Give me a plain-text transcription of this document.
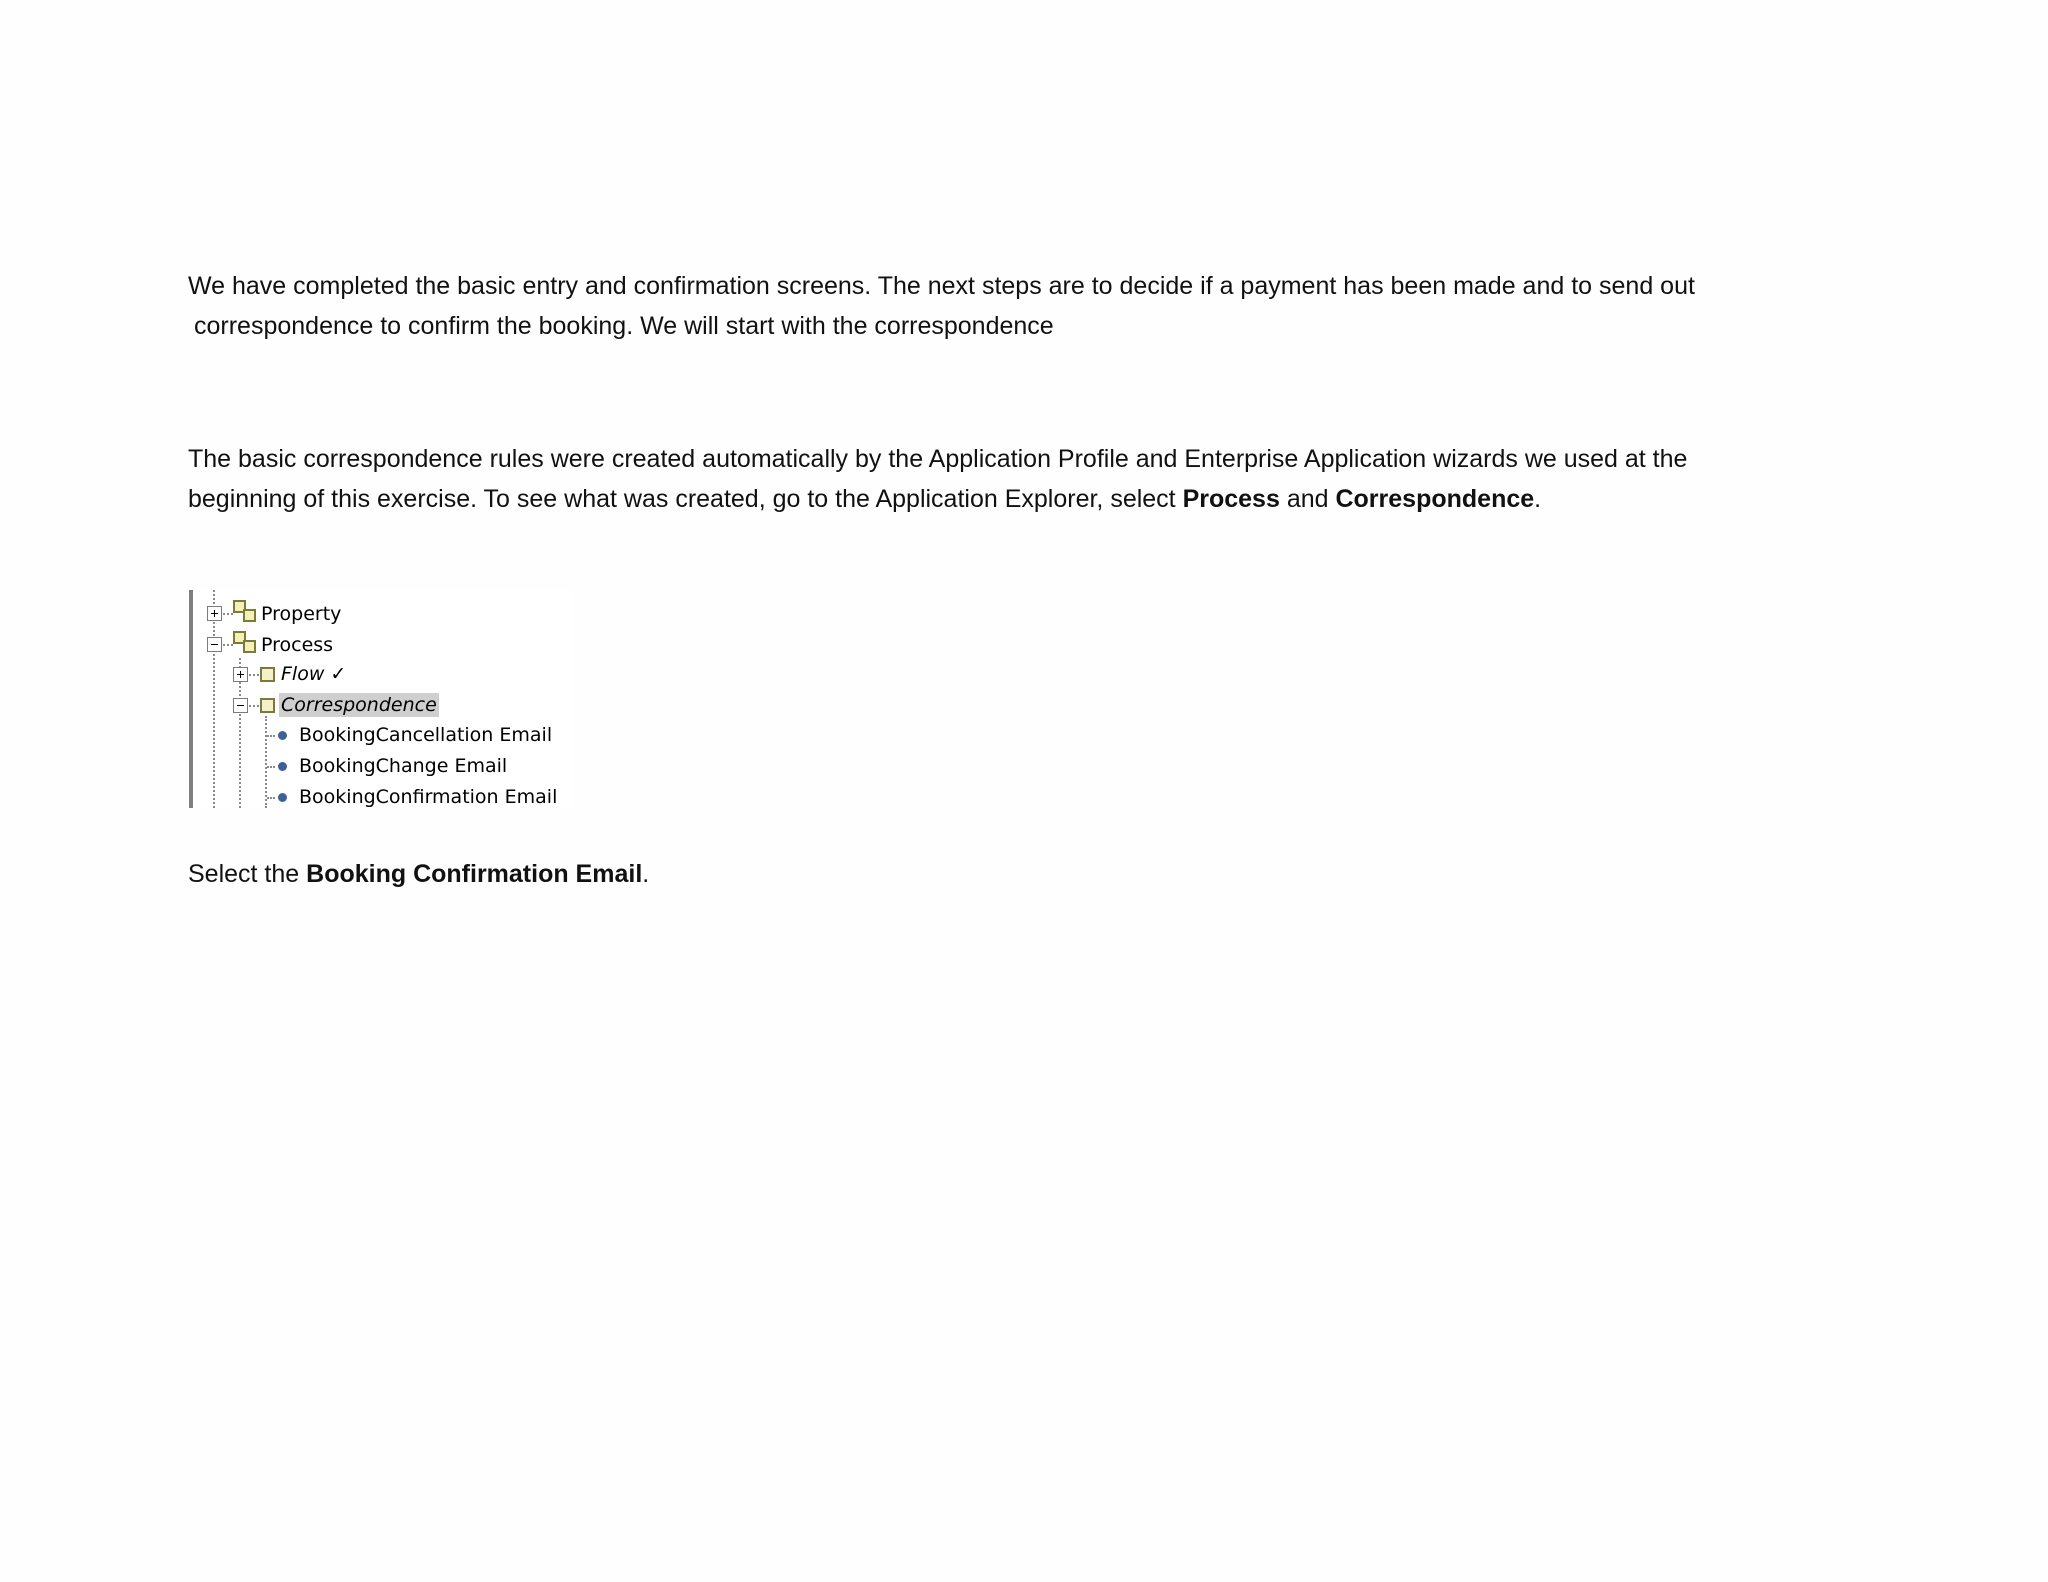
We have completed the basic entry and confirmation screens. The next steps are to decide if a payment has been made and to send out
correspondence to confirm the booking. We will start with the correspondence

The basic correspondence rules were created automatically by the Application Profile and Enterprise Application wizards we used at the
beginning of this exercise. To see what was created, go to the Application Explorer, select Process and Correspondence.

Property
Process
Flow ✓
Correspondence
BookingCancellation Email
BookingChange Email
BookingConfirmation Email

Select the Booking Confirmation Email.
